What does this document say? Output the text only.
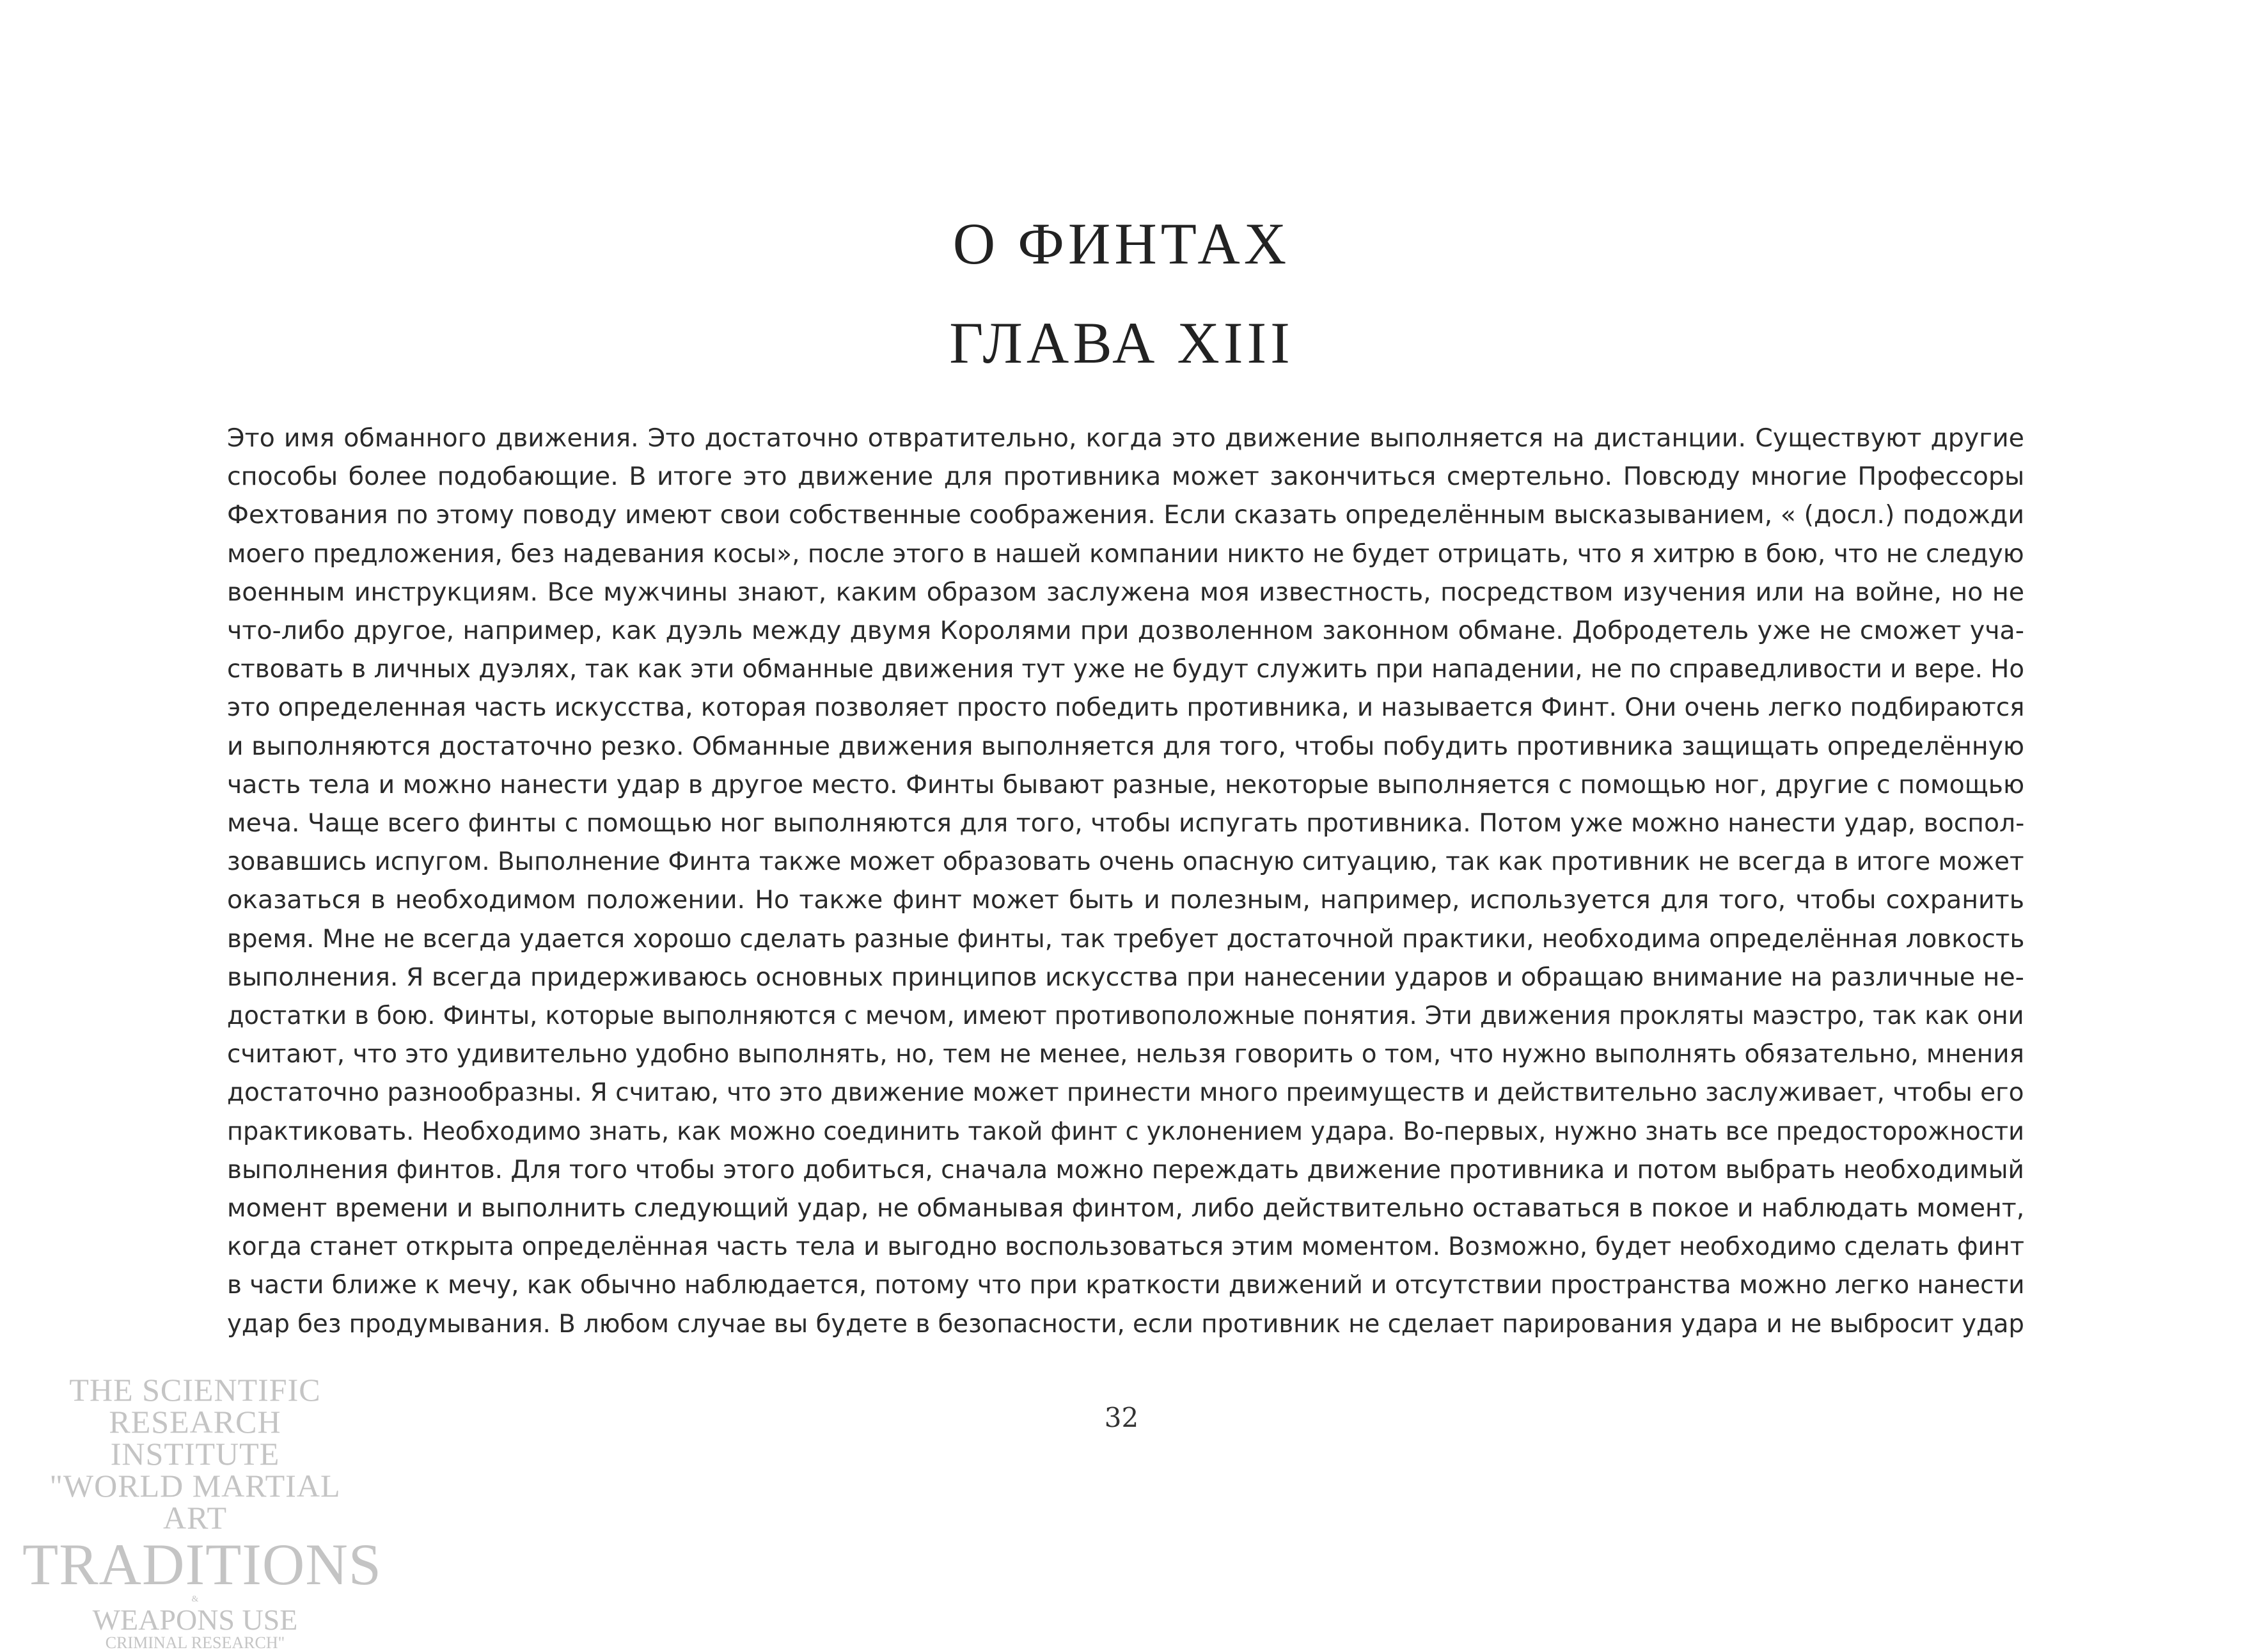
О ФИНТАХ
ГЛАВА XIII
Это имя обманного движения. Это достаточно отвратительно, когда это движение выполняется на дистанции. Существуют другие
способы более подобающие. В итоге это движение для противника может закончиться смертельно. Повсюду многие Профессоры
Фехтования по этому поводу имеют свои собственные соображения. Если сказать определённым высказыванием, « (досл.) подожди
моего предложения, без надевания косы», после этого в нашей компании никто не будет отрицать, что я хитрю в бою, что не следую
военным инструкциям. Все мужчины знают, каким образом заслужена моя известность, посредством изучения или на войне, но не
что-либо другое, например, как дуэль между двумя Королями при дозволенном законном обмане. Добродетель уже не сможет уча-
ствовать в личных дуэлях, так как эти обманные движения тут уже не будут служить при нападении, не по справедливости и вере. Но
это определенная часть искусства, которая позволяет просто победить противника, и называется Финт. Они очень легко подбираются
и выполняются достаточно резко. Обманные движения выполняется для того, чтобы побудить противника защищать определённую
часть тела и можно нанести удар в другое место. Финты бывают разные, некоторые выполняется с помощью ног, другие с помощью
меча. Чаще всего финты с помощью ног выполняются для того, чтобы испугать противника. Потом уже можно нанести удар, воспол-
зовавшись испугом. Выполнение Финта также может образовать очень опасную ситуацию, так как противник не всегда в итоге может
оказаться в необходимом положении. Но также финт может быть и полезным, например, используется для того, чтобы сохранить
время. Мне не всегда удается хорошо сделать разные финты, так требует достаточной практики, необходима определённая ловкость
выполнения. Я всегда придерживаюсь основных принципов искусства при нанесении ударов и обращаю внимание на различные не-
достатки в бою. Финты, которые выполняются с мечом, имеют противоположные понятия. Эти движения прокляты маэстро, так как они
считают, что это удивительно удобно выполнять, но, тем не менее, нельзя говорить о том, что нужно выполнять обязательно, мнения
достаточно разнообразны. Я считаю, что это движение может принести много преимуществ и действительно заслуживает, чтобы его
практиковать. Необходимо знать, как можно соединить такой финт с уклонением удара. Во-первых, нужно знать все предосторожности
выполнения финтов. Для того чтобы этого добиться, сначала можно переждать движение противника и потом выбрать необходимый
момент времени и выполнить следующий удар, не обманывая финтом, либо действительно оставаться в покое и наблюдать момент,
когда станет открыта определённая часть тела и выгодно воспользоваться этим моментом. Возможно, будет необходимо сделать финт
в части ближе к мечу, как обычно наблюдается, потому что при краткости движений и отсутствии пространства можно легко нанести
удар без продумывания. В любом случае вы будете в безопасности, если противник не сделает парирования удара и не выбросит удар
32
THE SCIENTIFIC
RESEARCH INSTITUTE
"WORLD MARTIAL ART
TRADITIONS
&
WEAPONS USE
CRIMINAL RESEARCH"
